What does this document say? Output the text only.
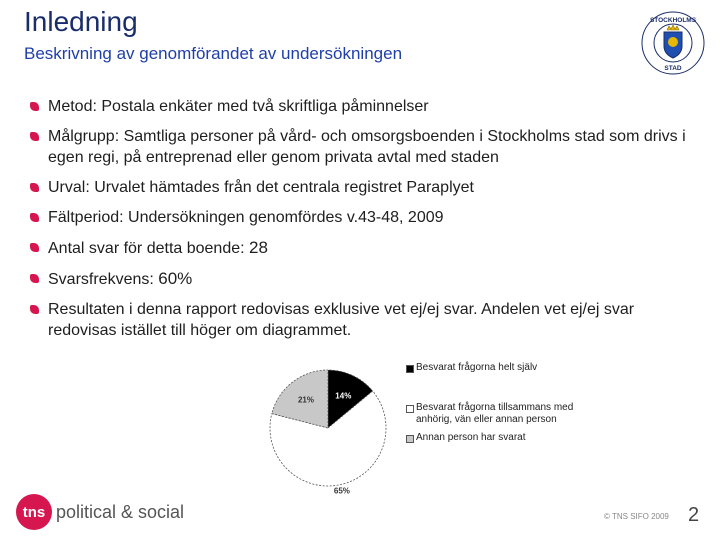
Inledning
Beskrivning av genomförandet av undersökningen
STOCKHOLMS
STAD
Metod: Postala enkäter med två skriftliga påminnelser
Målgrupp: Samtliga personer på vård- och omsorgsboenden i Stockholms stad som drivs i egen regi, på entreprenad eller genom privata avtal med staden
Urval: Urvalet hämtades från det centrala registret Paraplyet
Fältperiod: Undersökningen genomfördes v.43-48, 2009
Antal svar för detta boende: 28
Svarsfrekvens: 60%
Resultaten i denna rapport redovisas exklusive vet ej/ej svar. Andelen vet ej/ej svar redovisas istället till höger om diagrammet.
14%
65%
21%
Besvarat frågorna helt själv
Besvarat frågorna tillsammans med anhörig, vän eller annan person
Annan person har svarat
tns political & social	© TNS SIFO 2009 2
